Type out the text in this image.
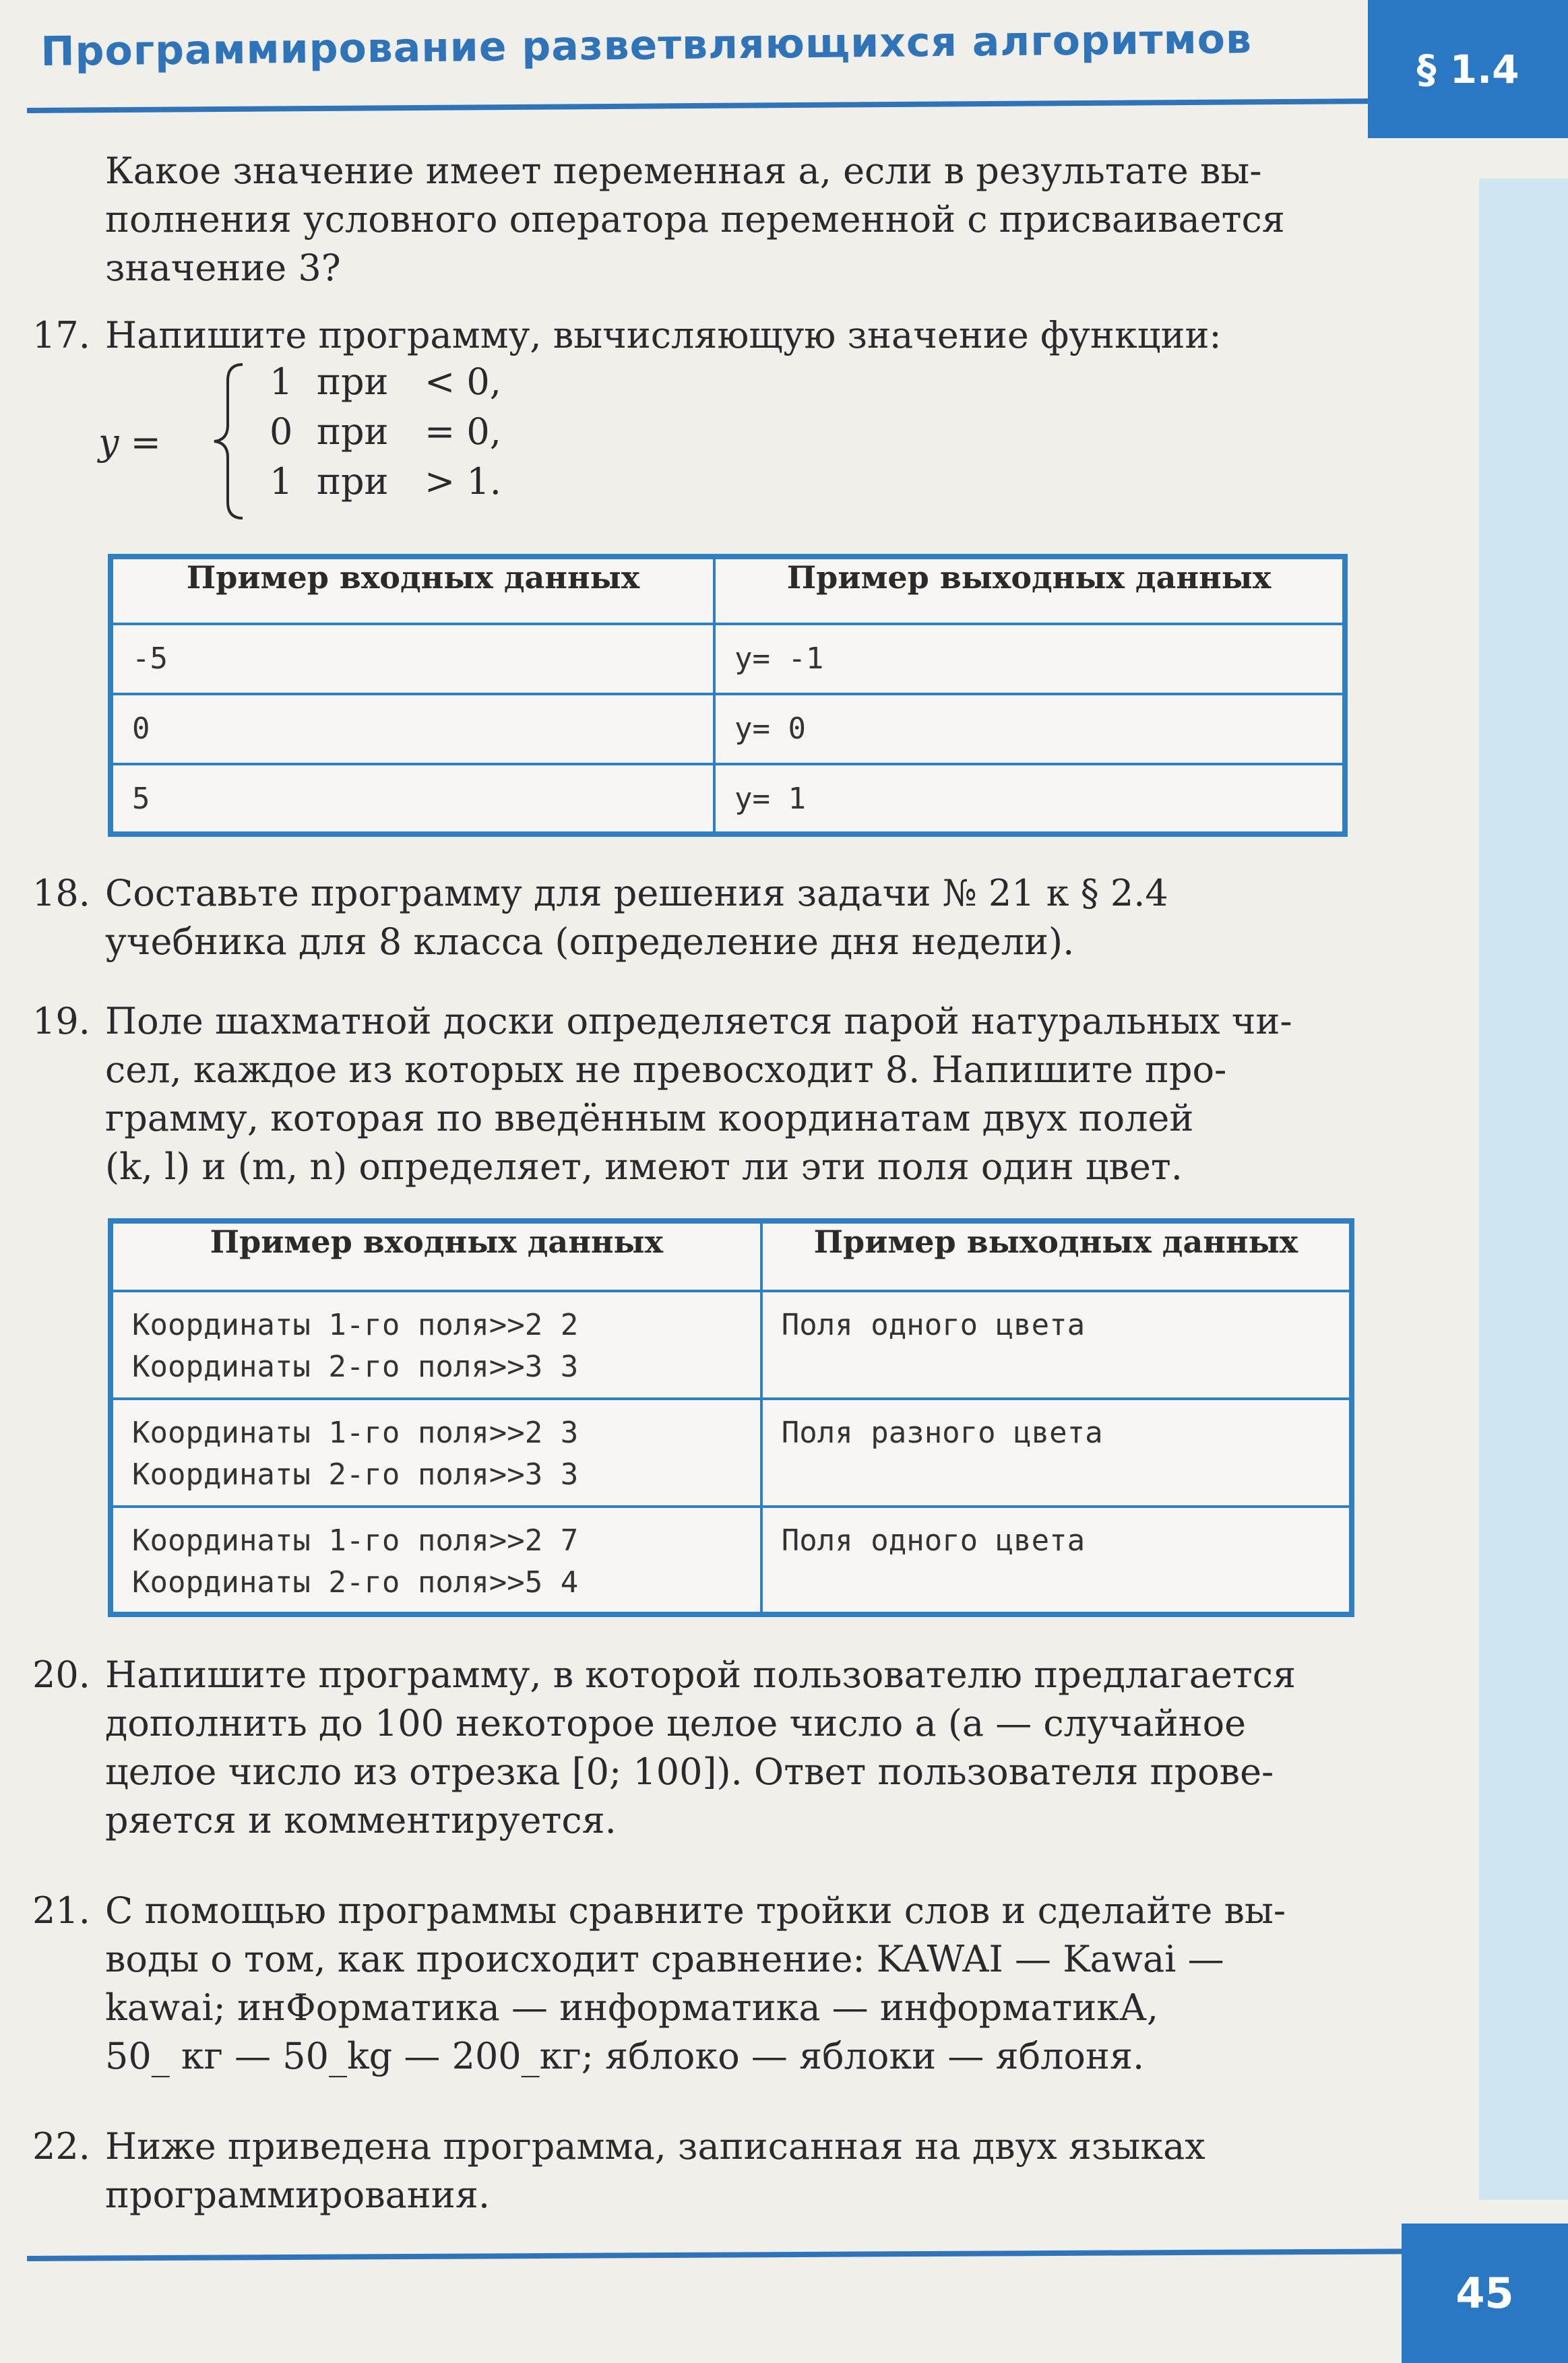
Программирование разветвляющихся алгоритмов	§ 1.4
Какое значение имеет переменная а, если в результате вы-
полнения условного оператора переменной с присваивается
значение 3?
17. Напишите программу, вычисляющую значение функции:
y =
1 при < 0,
0 при = 0,
1 при > 1.
Пример входных данных	Пример выходных данных
-5	y= -1
0	y= 0
5	y= 1
18. Составьте программу для решения задачи № 21 к § 2.4
учебника для 8 класса (определение дня недели).
19. Поле шахматной доски определяется парой натуральных чи-
сел, каждое из которых не превосходит 8. Напишите про-
грамму, которая по введённым координатам двух полей
(k, l) и (m, n) определяет, имеют ли эти поля один цвет.
Пример входных данных	Пример выходных данных

Координаты 1-го поля>>2 2
Координаты 2-го поля>>3 3	Поля одного цвета

Координаты 1-го поля>>2 3
Координаты 2-го поля>>3 3	Поля разного цвета

Координаты 1-го поля>>2 7
Координаты 2-го поля>>5 4	Поля одного цвета
20. Напишите программу, в которой пользователю предлагается
дополнить до 100 некоторое целое число a (a — случайное
целое число из отрезка [0; 100]). Ответ пользователя прове-
ряется и комментируется.
21. С помощью программы сравните тройки слов и сделайте вы-
воды о том, как происходит сравнение: KAWAI — Kawai —
kawai; инФорматика — информатика — информатикА,
50_ кг — 50_kg — 200_кг; яблоко — яблоки — яблоня.
22. Ниже приведена программа, записанная на двух языках
программирования.
45
